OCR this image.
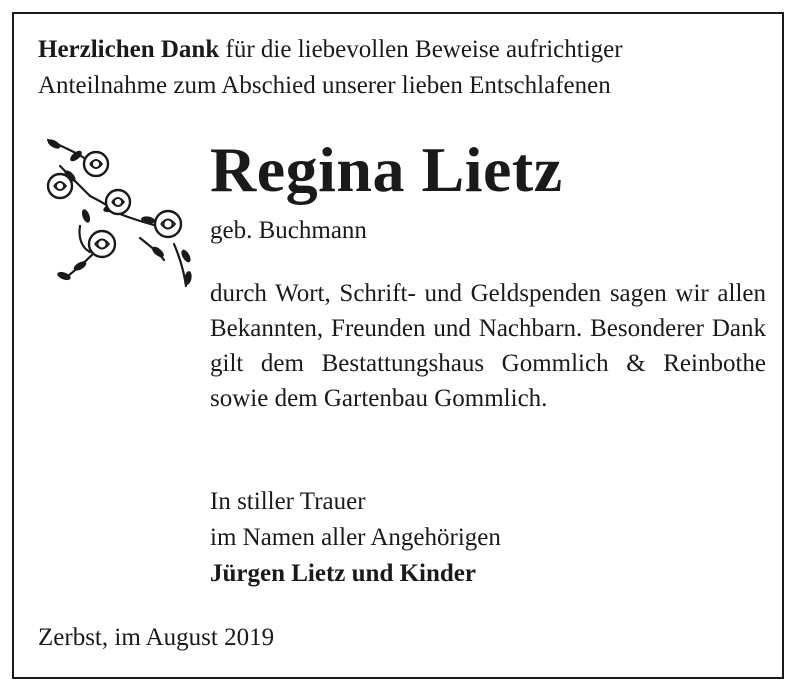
Herzlichen Dank für die liebevollen Beweise aufrichtiger
Anteilnahme zum Abschied unserer lieben Entschlafenen
Regina Lietz
geb. Buchmann
durch Wort, Schrift- und Geldspenden sagen wir allen Bekannten, Freunden und Nachbarn. Besonderer Dank gilt dem Bestattungshaus Gommlich & Reinbothe sowie dem Gartenbau Gommlich.
In stiller Trauer
im Namen aller Angehörigen
Jürgen Lietz und Kinder
Zerbst, im August 2019
